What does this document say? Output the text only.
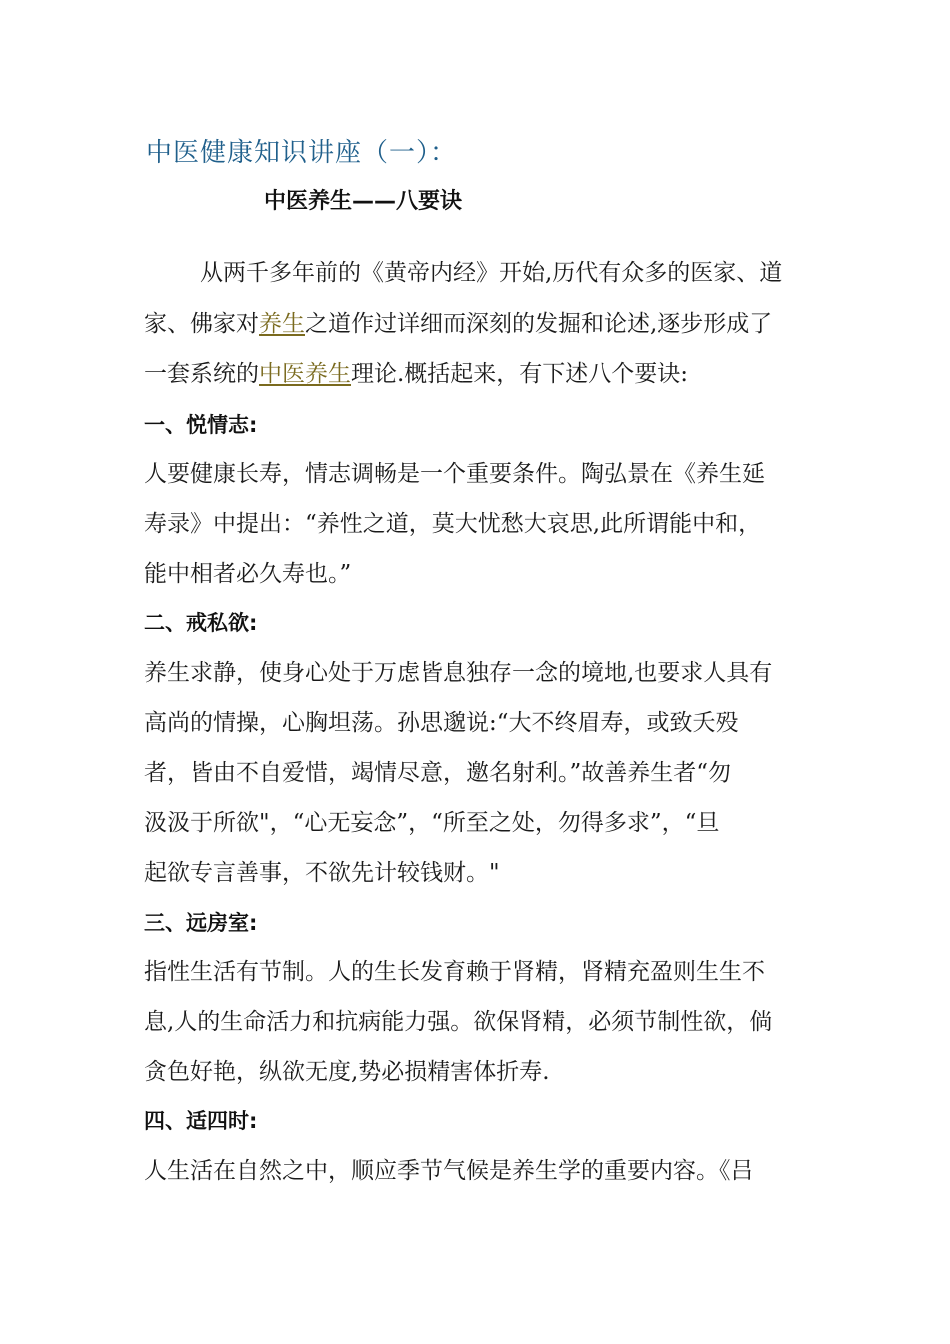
中医健康知识讲座（一）：
中医养生——八要诀
从两千多年前的《黄帝内经》开始,历代有众多的医家、道
家、佛家对养生之道作过详细而深刻的发掘和论述,逐步形成了
一套系统的中医养生理论.概括起来，有下述八个要诀:
一、悦情志:
人要健康长寿，情志调畅是一个重要条件。陶弘景在《养生延
寿录》中提出：“养性之道，莫大忧愁大哀思,此所谓能中和，
能中相者必久寿也。”
二、戒私欲:
养生求静，使身心处于万虑皆息独存一念的境地,也要求人具有
高尚的情操，心胸坦荡。孙思邈说:“大不终眉寿，或致夭殁
者，皆由不自爱惜，竭情尽意，邀名射利。”故善养生者“勿
汲汲于所欲"，“心无妄念”，“所至之处，勿得多求”，“旦
起欲专言善事，不欲先计较钱财。"
三、远房室:
指性生活有节制。人的生长发育赖于肾精，肾精充盈则生生不
息,人的生命活力和抗病能力强。欲保肾精，必须节制性欲，倘
贪色好艳，纵欲无度,势必损精害体折寿.
四、适四时:
人生活在自然之中，顺应季节气候是养生学的重要内容。《吕
